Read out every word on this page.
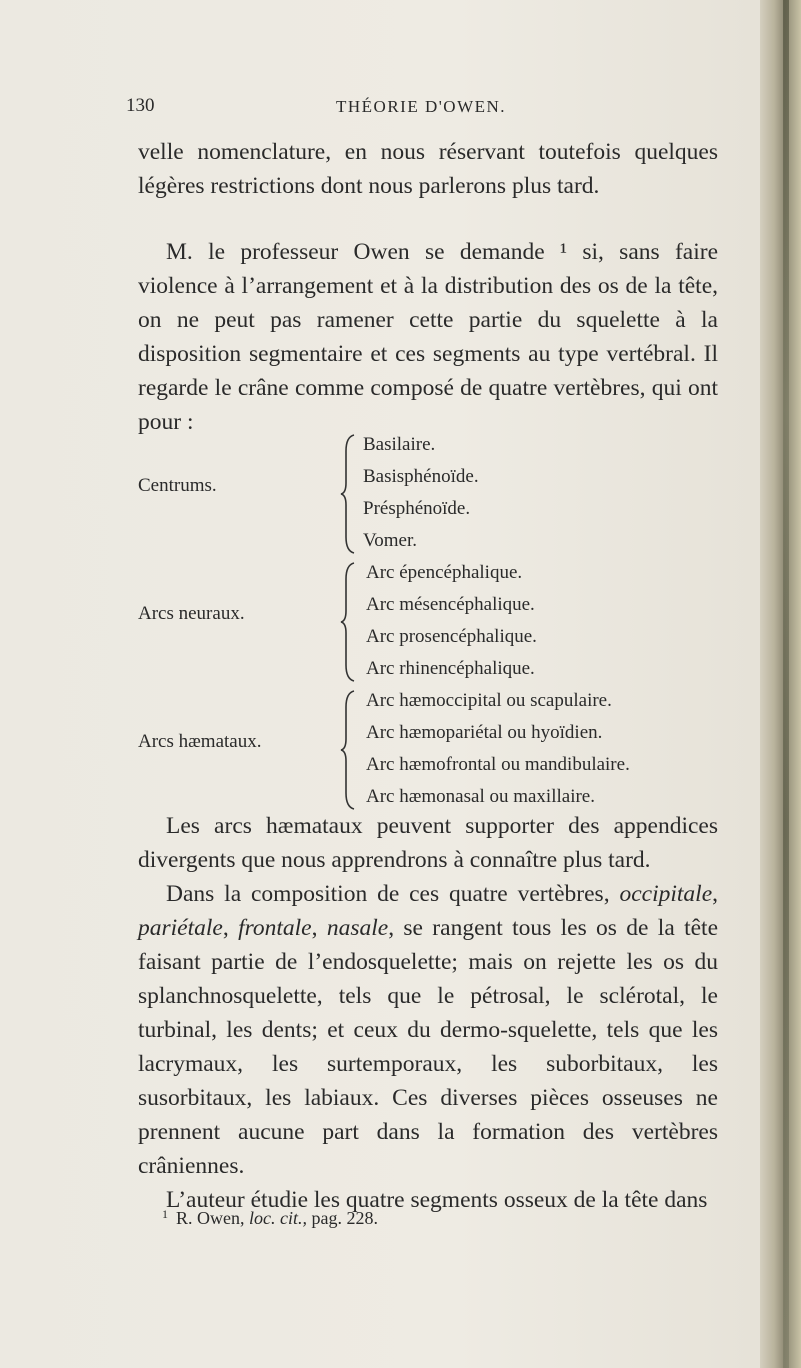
130	THÉORIE D'OWEN.
velle nomenclature, en nous réservant toutefois quelques légères restrictions dont nous parlerons plus tard.
M. le professeur Owen se demande ¹ si, sans faire violence à l’arrangement et à la distribution des os de la tête, on ne peut pas ramener cette partie du squelette à la disposition segmentaire et ces segments au type vertébral. Il regarde le crâne comme composé de quatre vertèbres, qui ont pour :
Centrums.
Basilaire.
Basisphénoïde.
Présphénoïde.
Vomer.
Arcs neuraux.
Arc épencéphalique.
Arc mésencéphalique.
Arc prosencéphalique.
Arc rhinencéphalique.
Arcs hæmataux.
Arc hæmoccipital ou scapulaire.
Arc hæmopariétal ou hyoïdien.
Arc hæmofrontal ou mandibulaire.
Arc hæmonasal ou maxillaire.
Les arcs hæmataux peuvent supporter des appendices divergents que nous apprendrons à connaître plus tard.
Dans la composition de ces quatre vertèbres, occipitale, pariétale, frontale, nasale, se rangent tous les os de la tête faisant partie de l’endosquelette; mais on rejette les os du splanchnosquelette, tels que le pétrosal, le sclérotal, le turbinal, les dents; et ceux du dermo-squelette, tels que les lacrymaux, les surtemporaux, les suborbitaux, les susorbitaux, les labiaux. Ces diverses pièces osseuses ne prennent aucune part dans la formation des vertèbres crâniennes.
L’auteur étudie les quatre segments osseux de la tête dans
$^1$ R. Owen, loc. cit., pag. 228.
